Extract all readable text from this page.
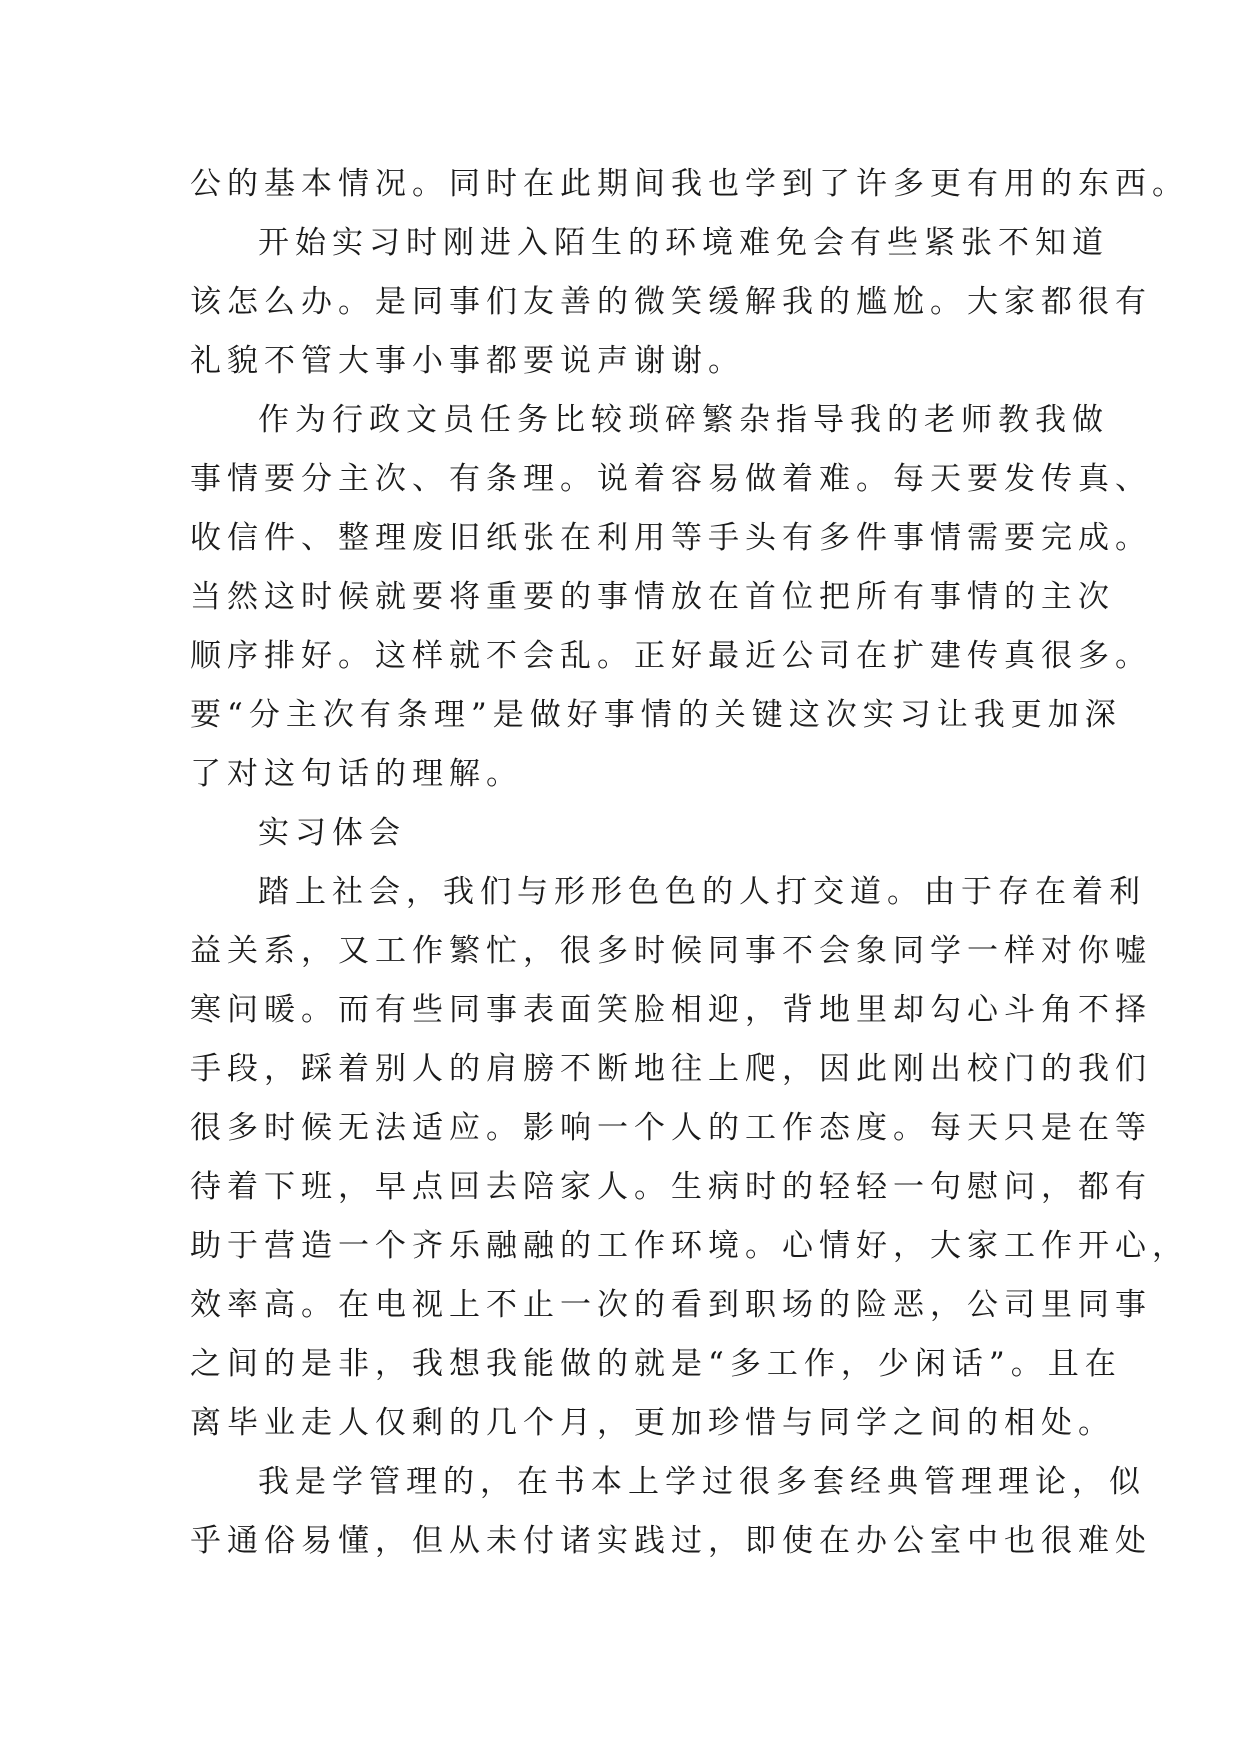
公的基本情况。同时在此期间我也学到了许多更有用的东西。
开始实习时刚进入陌生的环境难免会有些紧张不知道
该怎么办。是同事们友善的微笑缓解我的尴尬。大家都很有
礼貌不管大事小事都要说声谢谢。
作为行政文员任务比较琐碎繁杂指导我的老师教我做
事情要分主次、有条理。说着容易做着难。每天要发传真、
收信件、整理废旧纸张在利用等手头有多件事情需要完成。
当然这时候就要将重要的事情放在首位把所有事情的主次
顺序排好。这样就不会乱。正好最近公司在扩建传真很多。
要“分主次有条理”是做好事情的关键这次实习让我更加深
了对这句话的理解。
实习体会
踏上社会，我们与形形色色的人打交道。由于存在着利
益关系，又工作繁忙，很多时候同事不会象同学一样对你嘘
寒问暖。而有些同事表面笑脸相迎，背地里却勾心斗角不择
手段，踩着别人的肩膀不断地往上爬，因此刚出校门的我们
很多时候无法适应。影响一个人的工作态度。每天只是在等
待着下班，早点回去陪家人。生病时的轻轻一句慰问，都有
助于营造一个齐乐融融的工作环境。心情好，大家工作开心，
效率高。在电视上不止一次的看到职场的险恶，公司里同事
之间的是非，我想我能做的就是“多工作，少闲话”。且在
离毕业走人仅剩的几个月，更加珍惜与同学之间的相处。
我是学管理的，在书本上学过很多套经典管理理论，似
乎通俗易懂，但从未付诸实践过，即使在办公室中也很难处
